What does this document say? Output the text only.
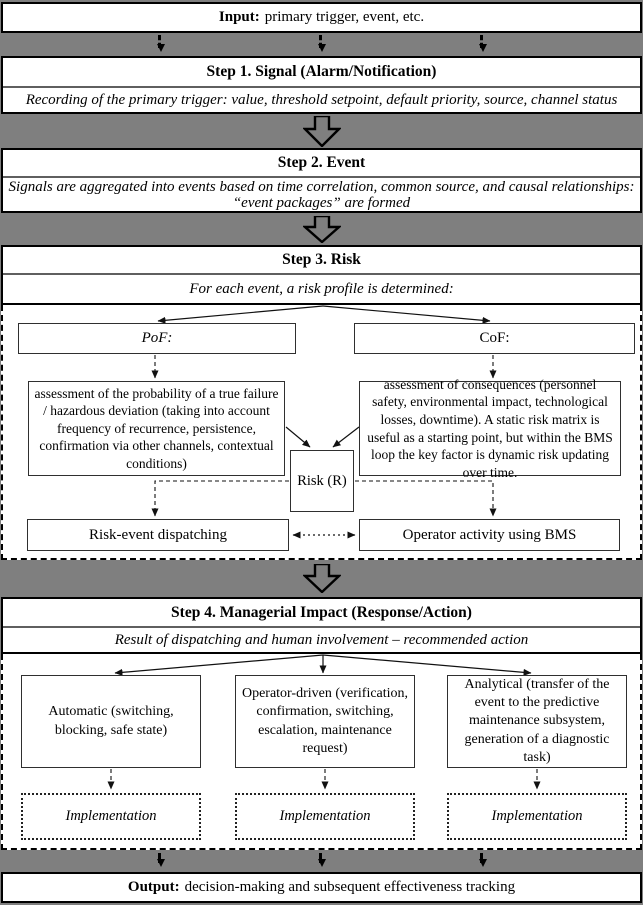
Input: primary trigger, event, etc.
Step 1. Signal (Alarm/Notification)
Recording of the primary trigger: value, threshold setpoint, default priority, source, channel status
Step 2. Event
Signals are aggregated into events based on time correlation, common source, and causal relationships: “event packages” are formed
Step 3. Risk
For each event, a risk profile is determined:
PoF:	CoF:
assessment of the probability of a true failure / hazardous deviation (taking into account frequency of recurrence, persistence, confirmation via other channels, contextual conditions)
assessment of consequences (personnel safety, environmental impact, technological losses, downtime). A static risk matrix is useful as a starting point, but within the BMS loop the key factor is dynamic risk updating over time.
Risk (R)
Risk-event dispatching	Operator activity using BMS
Step 4. Managerial Impact (Response/Action)
Result of dispatching and human involvement – recommended action
Automatic (switching, blocking, safe state)
Operator-driven (verification, confirmation, switching, escalation, maintenance request)
Analytical (transfer of the event to the predictive maintenance subsystem, generation of a diagnostic task)
Implementation	Implementation	Implementation
Output: decision-making and subsequent effectiveness tracking
